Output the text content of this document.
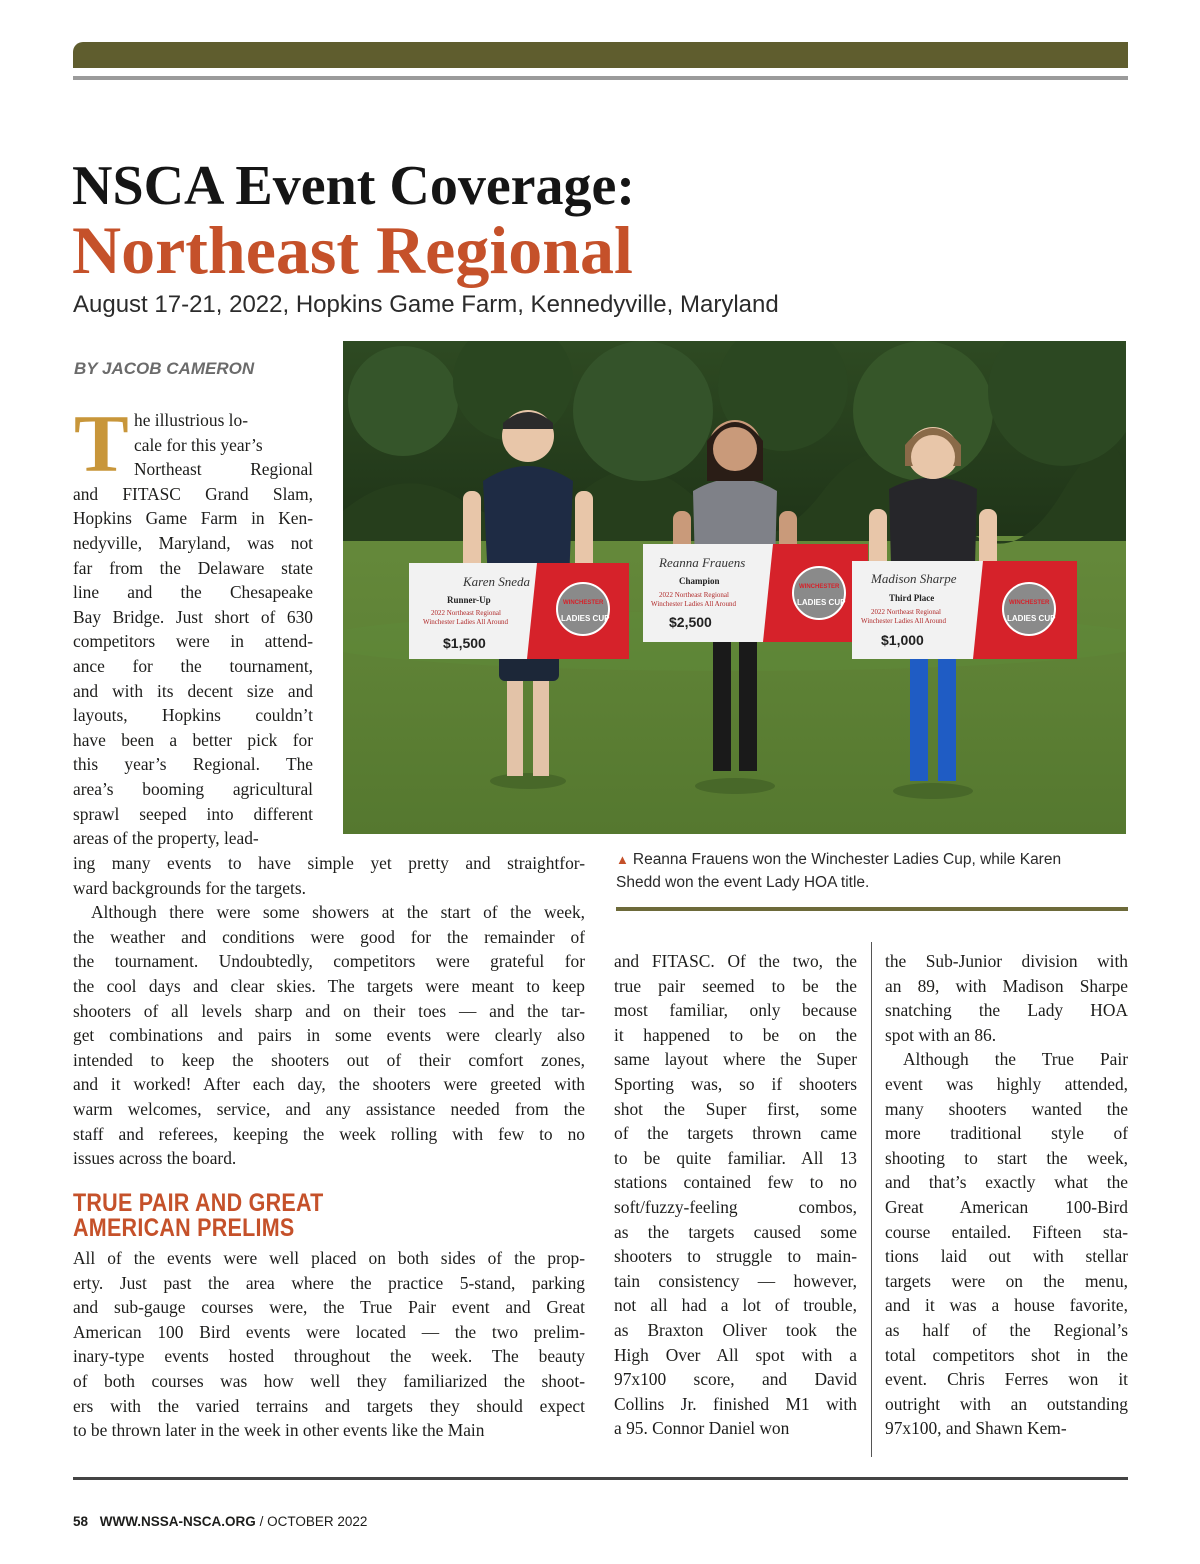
NSCA Event Coverage:
Northeast Regional
August 17-21, 2022, Hopkins Game Farm, Kennedyville, Maryland
BY JACOB CAMERON
T he illustrious lo-
cale for this year’s
Northeast Regional
and FITASC Grand Slam,
Hopkins Game Farm in Ken-
nedyville, Maryland, was not
far from the Delaware state
line and the Chesapeake
Bay Bridge. Just short of 630
competitors were in attend-
ance for the tournament,
and with its decent size and
layouts, Hopkins couldn’t
have been a better pick for
this year’s Regional. The
area’s booming agricultural
sprawl seeped into different
areas of the property, lead-
ing many events to have simple yet pretty and straightfor-
ward backgrounds for the targets.
Although there were some showers at the start of the week,
the weather and conditions were good for the remainder of
the tournament. Undoubtedly, competitors were grateful for
the cool days and clear skies. The targets were meant to keep
shooters of all levels sharp and on their toes — and the tar-
get combinations and pairs in some events were clearly also
intended to keep the shooters out of their comfort zones,
and it worked! After each day, the shooters were greeted with
warm welcomes, service, and any assistance needed from the
staff and referees, keeping the week rolling with few to no
issues across the board.
TRUE PAIR AND GREAT
AMERICAN PRELIMS
All of the events were well placed on both sides of the prop-
erty. Just past the area where the practice 5-stand, parking
and sub-gauge courses were, the True Pair event and Great
American 100 Bird events were located — the two prelim-
inary-type events hosted throughout the week. The beauty
of both courses was how well they familiarized the shoot-
ers with the varied terrains and targets they should expect
to be thrown later in the week in other events like the Main
and FITASC. Of the two, the
true pair seemed to be the
most familiar, only because
it happened to be on the
same layout where the Super
Sporting was, so if shooters
shot the Super first, some
of the targets thrown came
to be quite familiar. All 13
stations contained few to no
soft/fuzzy-feeling combos,
as the targets caused some
shooters to struggle to main-
tain consistency — however,
not all had a lot of trouble,
as Braxton Oliver took the
High Over All spot with a
97x100 score, and David
Collins Jr. finished M1 with
a 95. Connor Daniel won
the Sub-Junior division with
an 89, with Madison Sharpe
snatching the Lady HOA
spot with an 86.
Although the True Pair
event was highly attended,
many shooters wanted the
more traditional style of
shooting to start the week,
and that’s exactly what the
Great American 100-Bird
course entailed. Fifteen sta-
tions laid out with stellar
targets were on the menu,
and it was a house favorite,
as half of the Regional’s
total competitors shot in the
event. Chris Ferres won it
outright with an outstanding
97x100, and Shawn Kem-
Karen Sneda
Runner-Up
2022 Northeast Regional
Winchester Ladies All Around
$1,500
WINCHESTER
LADIES CUP
Reanna Frauens
Champion
2022 Northeast Regional
Winchester Ladies All Around
$2,500
WINCHESTER
LADIES CUP
Madison Sharpe
Third Place
2022 Northeast Regional
Winchester Ladies All Around
$1,000
WINCHESTER
LADIES CUP
PHOTOS BY LEFTY RAY CHAPA
▲ Reanna Frauens won the Winchester Ladies Cup, while Karen
Shedd won the event Lady HOA title.
58 WWW.NSSA-NSCA.ORG / OCTOBER 2022
